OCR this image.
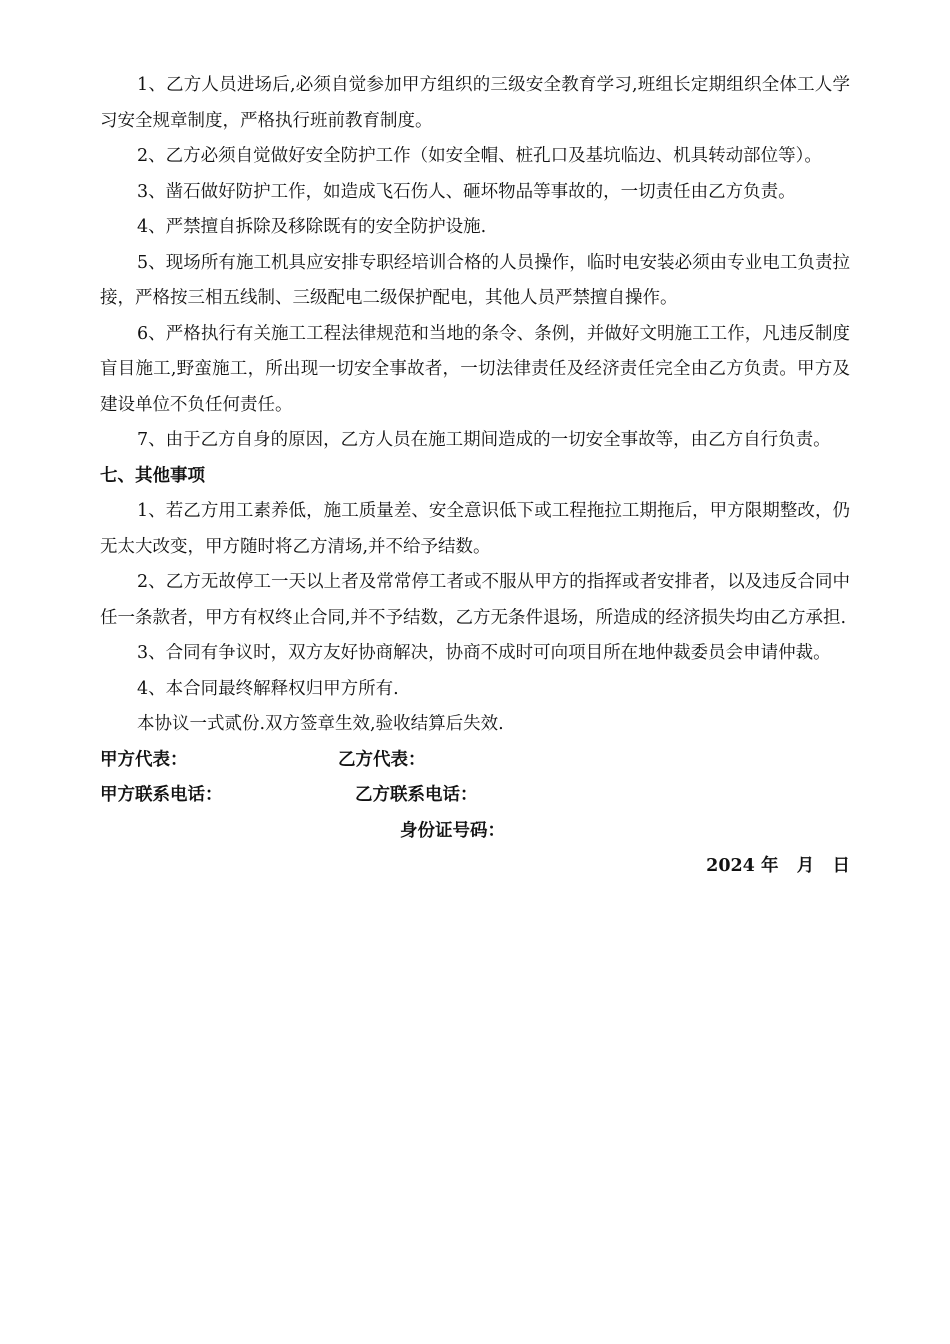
1、乙方人员进场后,必须自觉参加甲方组织的三级安全教育学习,班组长定期组织全体工人学习安全规章制度，严格执行班前教育制度。

2、乙方必须自觉做好安全防护工作（如安全帽、桩孔口及基坑临边、机具转动部位等）。

3、凿石做好防护工作，如造成飞石伤人、砸坏物品等事故的，一切责任由乙方负责。

4、严禁擅自拆除及移除既有的安全防护设施.

5、现场所有施工机具应安排专职经培训合格的人员操作，临时电安装必须由专业电工负责拉接，严格按三相五线制、三级配电二级保护配电，其他人员严禁擅自操作。

6、严格执行有关施工工程法律规范和当地的条令、条例，并做好文明施工工作，凡违反制度盲目施工,野蛮施工，所出现一切安全事故者，一切法律责任及经济责任完全由乙方负责。甲方及建设单位不负任何责任。

7、由于乙方自身的原因，乙方人员在施工期间造成的一切安全事故等，由乙方自行负责。

七、其他事项

1、若乙方用工素养低，施工质量差、安全意识低下或工程拖拉工期拖后，甲方限期整改，仍无太大改变，甲方随时将乙方清场,并不给予结数。

2、乙方无故停工一天以上者及常常停工者或不服从甲方的指挥或者安排者，以及违反合同中任一条款者，甲方有权终止合同,并不予结数，乙方无条件退场，所造成的经济损失均由乙方承担.

3、合同有争议时，双方友好协商解决，协商不成时可向项目所在地仲裁委员会申请仲裁。

4、本合同最终解释权归甲方所有.

本协议一式贰份.双方签章生效,验收结算后失效.

甲方代表：	乙方代表：
甲方联系电话：	乙方联系电话：
身份证号码：
2024 年   月   日
